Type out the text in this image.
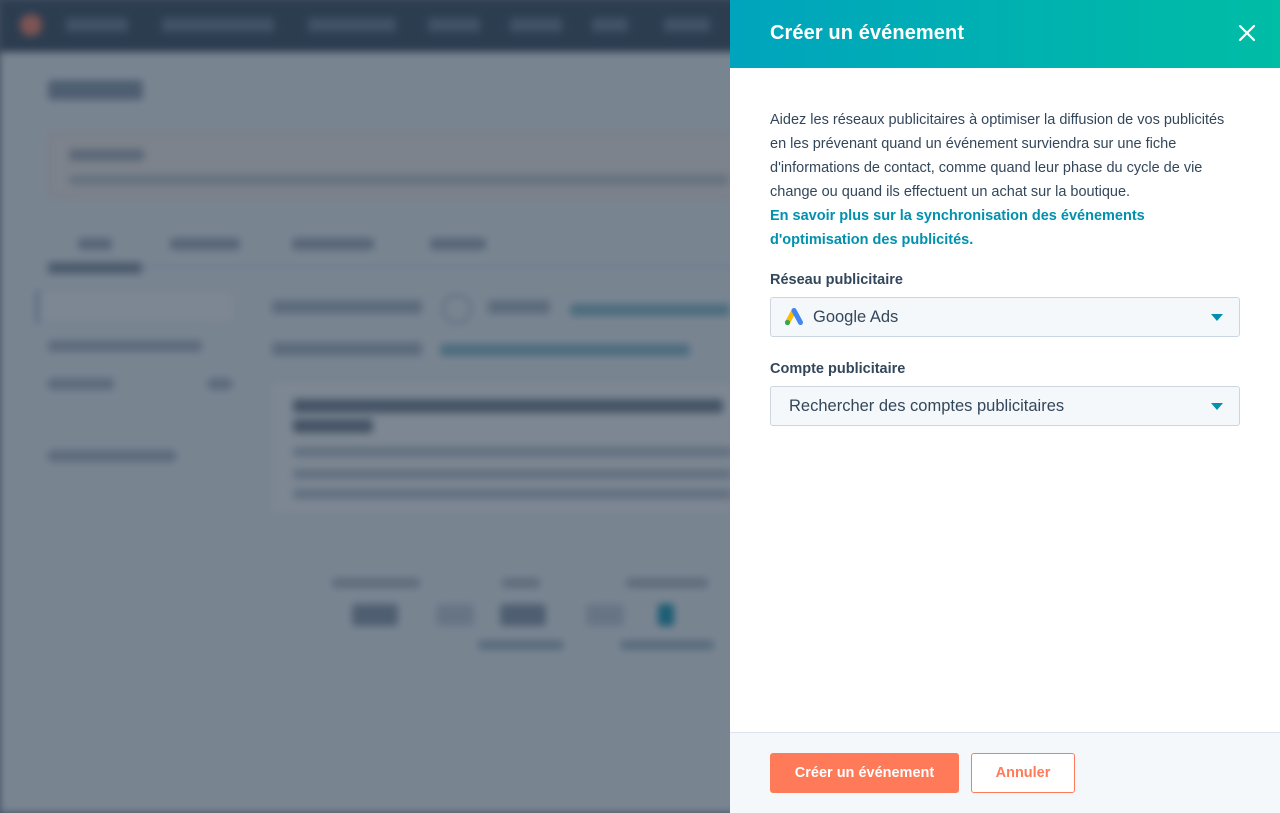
Créer un événement

Aidez les réseaux publicitaires à optimiser la diffusion de vos publicités en les prévenant quand un événement surviendra sur une fiche d'informations de contact, comme quand leur phase du cycle de vie change ou quand ils effectuent un achat sur la boutique.

En savoir plus sur la synchronisation des événements d'optimisation des publicités.
Réseau publicitaire
Google Ads
Compte publicitaire
Rechercher des comptes publicitaires
Créer un événement	Annuler
